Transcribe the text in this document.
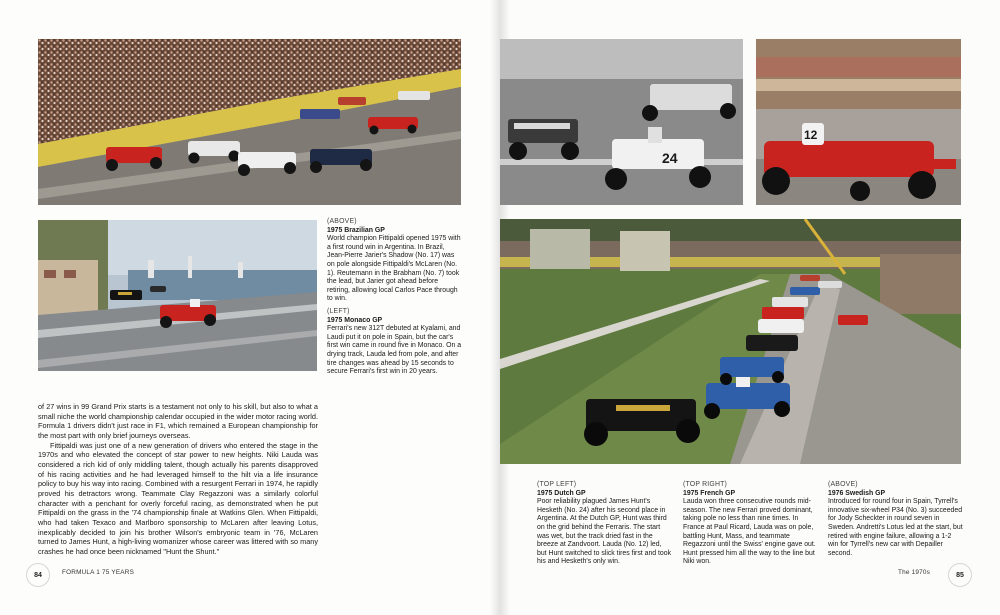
24
12
(ABOVE)
1975 Brazilian GP
World champion Fittipaldi opened 1975 with a first round win in Argentina. In Brazil, Jean-Pierre Jarier's Shadow (No. 17) was on pole alongside Fittipaldi's McLaren (No. 1). Reutemann in the Brabham (No. 7) took the lead, but Jarier got ahead before retiring, allowing local Carlos Pace through to win.
(LEFT)
1975 Monaco GP
Ferrari's new 312T debuted at Kyalami, and Laudi put it on pole in Spain, but the car's first win came in round five in Monaco. On a drying track, Lauda led from pole, and after tire changes was ahead by 15 seconds to secure Ferrari's first win in 20 years.
(TOP LEFT)
1975 Dutch GP
Poor reliability plagued James Hunt's Hesketh (No. 24) after his second place in Argentina. At the Dutch GP, Hunt was third on the grid behind the Ferraris. The start was wet, but the track dried fast in the breeze at Zandvoort. Lauda (No. 12) led, but Hunt switched to slick tires first and took his and Hesketh's only win.
(TOP RIGHT)
1975 French GP
Lauda won three consecutive rounds mid-season. The new Ferrari proved dominant, taking pole no less than nine times. In France at Paul Ricard, Lauda was on pole, battling Hunt, Mass, and teammate Regazzoni until the Swiss' engine gave out. Hunt pressed him all the way to the line but Niki won.
(ABOVE)
1976 Swedish GP
Introduced for round four in Spain, Tyrrell's innovative six-wheel P34 (No. 3) succeeded for Jody Scheckter in round seven in Sweden. Andretti's Lotus led at the start, but retired with engine failure, allowing a 1-2 win for Tyrrell's new car with Depailler second.

of 27 wins in 99 Grand Prix starts is a testament not only to his skill, but also to what a small niche the world championship calendar occupied in the wider motor racing world. Formula 1 drivers didn't just race in F1, which remained a European championship for the most part with only brief journeys overseas.

Fittipaldi was just one of a new generation of drivers who entered the stage in the 1970s and who elevated the concept of star power to new heights. Niki Lauda was considered a rich kid of only middling talent, though actually his parents disapproved of his racing activities and he had leveraged himself to the hilt via a life insurance policy to buy his way into racing. Combined with a resurgent Ferrari in 1974, he rapidly proved his detractors wrong. Teammate Clay Regazzoni was a similarly colorful character with a penchant for overly forceful racing, as demonstrated when he put Fittipaldi on the grass in the '74 championship finale at Watkins Glen. When Fittipaldi, who had taken Texaco and Marlboro sponsorship to McLaren after leaving Lotus, inexplicably decided to join his brother Wilson's embryonic team in '76, McLaren turned to James Hunt, a high-living womanizer whose career was littered with so many crashes he had once been nicknamed "Hunt the Shunt."

84	FORMULA 1 75 YEARS	The 1970s	85
